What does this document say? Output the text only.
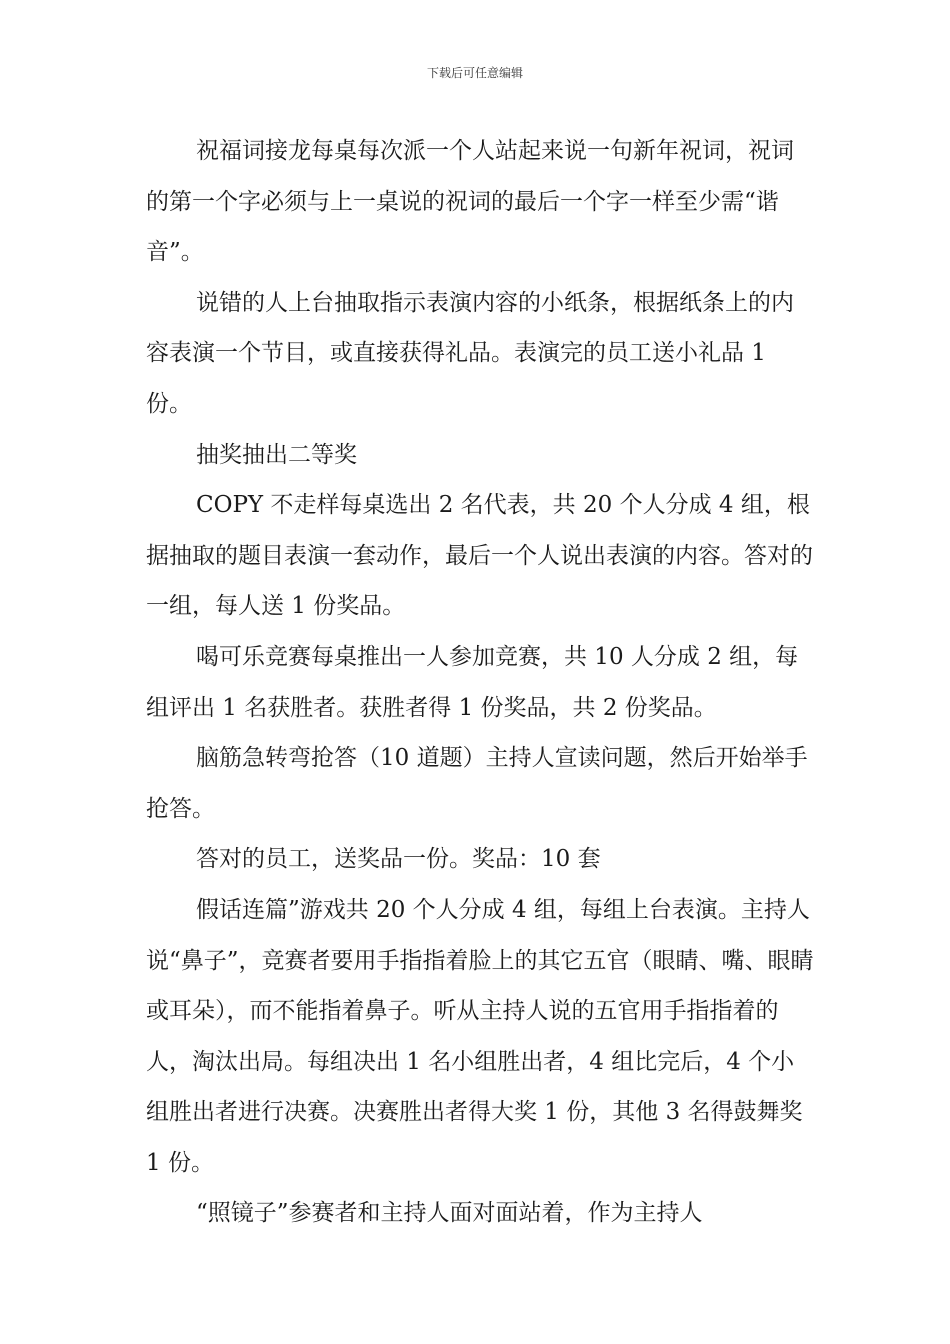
下载后可任意编辑

祝福词接龙每桌每次派一个人站起来说一句新年祝词，祝词的第一个字必须与上一桌说的祝词的最后一个字一样至少需“谐音”。

说错的人上台抽取指示表演内容的小纸条，根据纸条上的内容表演一个节目，或直接获得礼品。表演完的员工送小礼品 1 份。

抽奖抽出二等奖

COPY 不走样每桌选出 2 名代表，共 20 个人分成 4 组，根据抽取的题目表演一套动作，最后一个人说出表演的内容。答对的一组，每人送 1 份奖品。

喝可乐竞赛每桌推出一人参加竞赛，共 10 人分成 2 组，每组评出 1 名获胜者。获胜者得 1 份奖品，共 2 份奖品。

脑筋急转弯抢答（10 道题）主持人宣读问题，然后开始举手抢答。

答对的员工，送奖品一份。奖品：10 套

假话连篇”游戏共 20 个人分成 4 组，每组上台表演。主持人说“鼻子”，竞赛者要用手指指着脸上的其它五官（眼睛、嘴、眼睛或耳朵），而不能指着鼻子。听从主持人说的五官用手指指着的人，淘汰出局。每组决出 1 名小组胜出者，4 组比完后，4 个小组胜出者进行决赛。决赛胜出者得大奖 1 份，其他 3 名得鼓舞奖 1 份。

“照镜子”参赛者和主持人面对面站着，作为主持人
